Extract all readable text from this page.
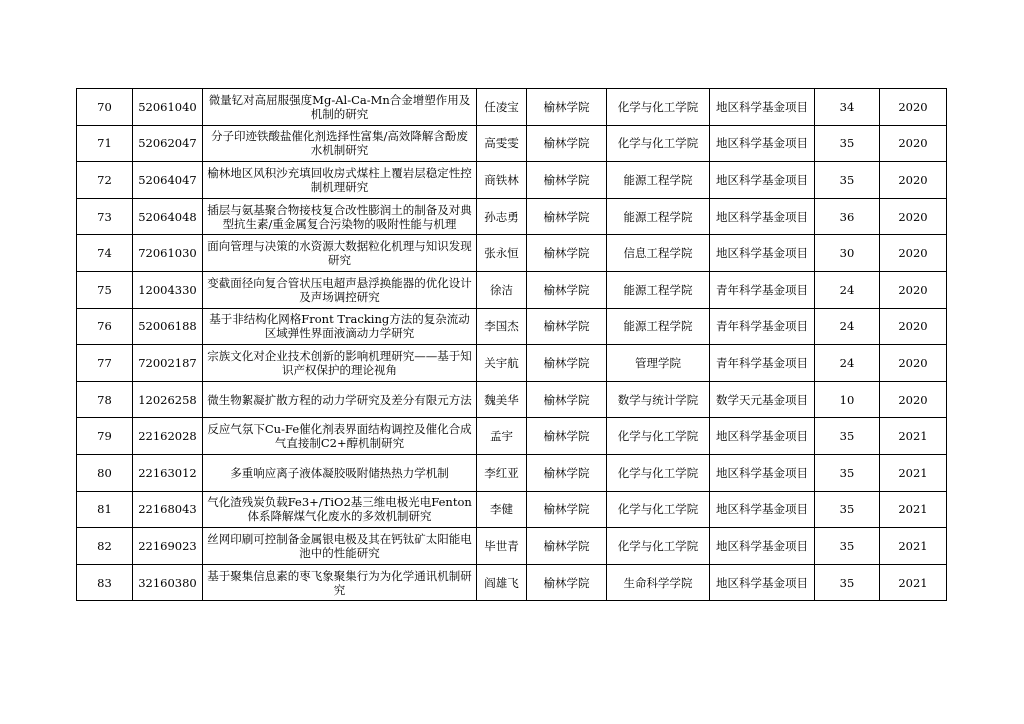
70	52061040	微量钇对高屈服强度Mg-Al-Ca-Mn合金增塑作用及机制的研究	任凌宝	榆林学院	化学与化工学院	地区科学基金项目	34	2020
71	52062047	分子印迹铁酸盐催化剂选择性富集/高效降解含酚废水机制研究	高雯雯	榆林学院	化学与化工学院	地区科学基金项目	35	2020
72	52064047	榆林地区风积沙充填回收房式煤柱上覆岩层稳定性控制机理研究	商铁林	榆林学院	能源工程学院	地区科学基金项目	35	2020
73	52064048	插层与氨基聚合物接枝复合改性膨润土的制备及对典型抗生素/重金属复合污染物的吸附性能与机理	孙志勇	榆林学院	能源工程学院	地区科学基金项目	36	2020
74	72061030	面向管理与决策的水资源大数据粒化机理与知识发现研究	张永恒	榆林学院	信息工程学院	地区科学基金项目	30	2020
75	12004330	变截面径向复合管状压电超声悬浮换能器的优化设计及声场调控研究	徐洁	榆林学院	能源工程学院	青年科学基金项目	24	2020
76	52006188	基于非结构化网格Front Tracking方法的复杂流动区域弹性界面液滴动力学研究	李国杰	榆林学院	能源工程学院	青年科学基金项目	24	2020
77	72002187	宗族文化对企业技术创新的影响机理研究——基于知识产权保护的理论视角	关宇航	榆林学院	管理学院	青年科学基金项目	24	2020
78	12026258	微生物絮凝扩散方程的动力学研究及差分有限元方法	魏美华	榆林学院	数学与统计学院	数学天元基金项目	10	2020
79	22162028	反应气氛下Cu-Fe催化剂表界面结构调控及催化合成气直接制C2+醇机制研究	孟宇	榆林学院	化学与化工学院	地区科学基金项目	35	2021
80	22163012	多重响应离子液体凝胶吸附储热热力学机制	李红亚	榆林学院	化学与化工学院	地区科学基金项目	35	2021
81	22168043	气化渣残炭负载Fe3+/TiO2基三维电极光电Fenton体系降解煤气化废水的多效机制研究	李健	榆林学院	化学与化工学院	地区科学基金项目	35	2021
82	22169023	丝网印刷可控制备金属银电极及其在钙钛矿太阳能电池中的性能研究	毕世青	榆林学院	化学与化工学院	地区科学基金项目	35	2021
83	32160380	基于聚集信息素的枣飞象聚集行为为化学通讯机制研究	阎雄飞	榆林学院	生命科学学院	地区科学基金项目	35	2021
